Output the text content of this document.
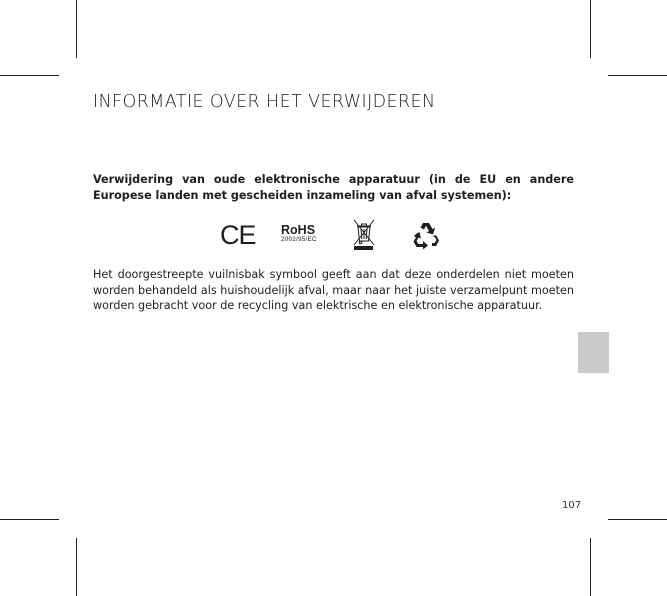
INFORMATIE OVER HET VERWIJDEREN

Verwijdering van oude elektronische apparatuur (in de EU en andere Europese landen met gescheiden inzameling van afval systemen):

CE RoHS
2002/95/EC

Het doorgestreepte vuilnisbak symbool geeft aan dat deze onderdelen niet moeten worden behandeld als huishoudelijk afval, maar naar het juiste verzamelpunt moeten worden gebracht voor de recycling van elektrische en elektronische apparatuur.

107
